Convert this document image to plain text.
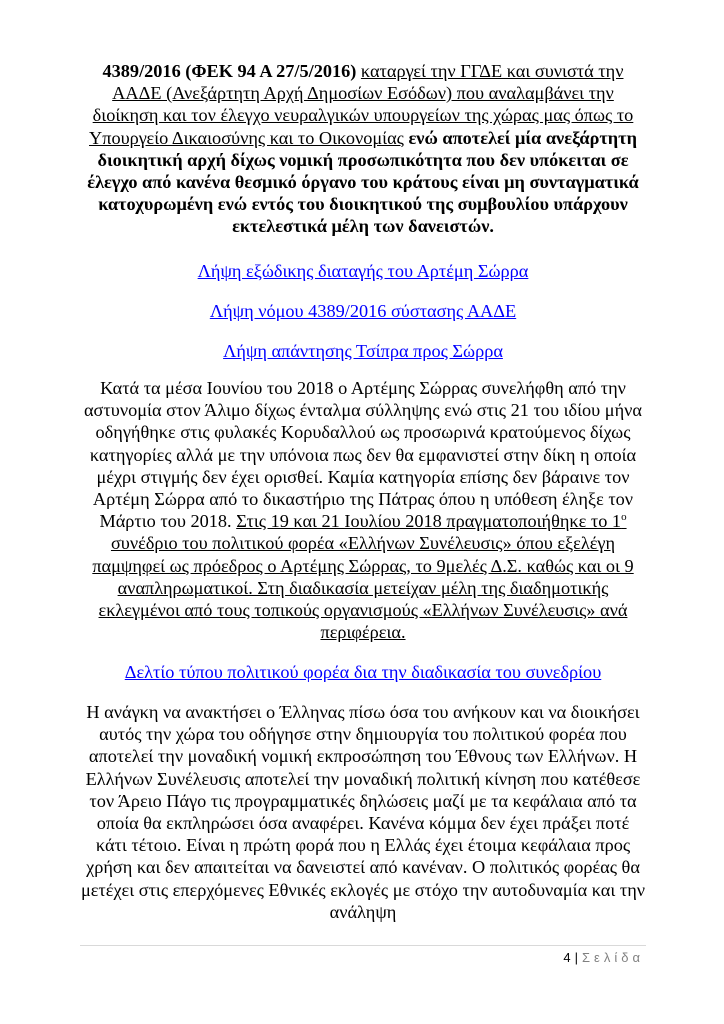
4389/2016 (ΦΕΚ 94 Α 27/5/2016) καταργεί την ΓΓΔΕ και συνιστά την ΑΑΔΕ (Ανεξάρτητη Αρχή Δημοσίων Εσόδων) που αναλαμβάνει την διοίκηση και τον έλεγχο νευραλγικών υπουργείων της χώρας μας όπως το Υπουργείο Δικαιοσύνης και το Οικονομίας ενώ αποτελεί μία ανεξάρτητη διοικητική αρχή δίχως νομική προσωπικότητα που δεν υπόκειται σε έλεγχο από κανένα θεσμικό όργανο του κράτους είναι μη συνταγματικά κατοχυρωμένη ενώ εντός του διοικητικού της συμβουλίου υπάρχουν εκτελεστικά μέλη των δανειστών.
Λήψη εξώδικης διαταγής του Αρτέμη Σώρρα
Λήψη νόμου 4389/2016 σύστασης ΑΑΔΕ
Λήψη απάντησης Τσίπρα προς Σώρρα
Κατά τα μέσα Ιουνίου του 2018 ο Αρτέμης Σώρρας συνελήφθη από την αστυνομία στον Άλιμο δίχως ένταλμα σύλληψης ενώ στις 21 του ιδίου μήνα οδηγήθηκε στις φυλακές Κορυδαλλού ως προσωρινά κρατούμενος δίχως κατηγορίες αλλά με την υπόνοια πως δεν θα εμφανιστεί στην δίκη η οποία μέχρι στιγμής δεν έχει ορισθεί. Καμία κατηγορία επίσης δεν βάραινε τον Αρτέμη Σώρρα από το δικαστήριο της Πάτρας όπου η υπόθεση έληξε τον Μάρτιο του 2018. Στις 19 και 21 Ιουλίου 2018 πραγματοποιήθηκε το $1^o$ συνέδριο του πολιτικού φορέα «Ελλήνων Συνέλευσις» όπου εξελέγη παμψηφεί ως πρόεδρος ο Αρτέμης Σώρρας, το 9μελές Δ.Σ. καθώς και οι 9 αναπληρωματικοί. Στη διαδικασία μετείχαν μέλη της διαδημοτικής εκλεγμένοι από τους τοπικούς οργανισμούς «Ελλήνων Συνέλευσις» ανά περιφέρεια.
Δελτίο τύπου πολιτικού φορέα δια την διαδικασία του συνεδρίου
Η ανάγκη να ανακτήσει ο Έλληνας πίσω όσα του ανήκουν και να διοικήσει αυτός την χώρα του οδήγησε στην δημιουργία του πολιτικού φορέα που αποτελεί την μοναδική νομική εκπροσώπηση του Έθνους των Ελλήνων. Η Ελλήνων Συνέλευσις αποτελεί την μοναδική πολιτική κίνηση που κατέθεσε τον Άρειο Πάγο τις προγραμματικές δηλώσεις μαζί με τα κεφάλαια από τα οποία θα εκπληρώσει όσα αναφέρει. Κανένα κόμμα δεν έχει πράξει ποτέ κάτι τέτοιο. Είναι η πρώτη φορά που η Ελλάς έχει έτοιμα κεφάλαια προς χρήση και δεν απαιτείται να δανειστεί από κανέναν. Ο πολιτικός φορέας θα μετέχει στις επερχόμενες Εθνικές εκλογές με στόχο την αυτοδυναμία και την ανάληψη
4 | Σελίδα
